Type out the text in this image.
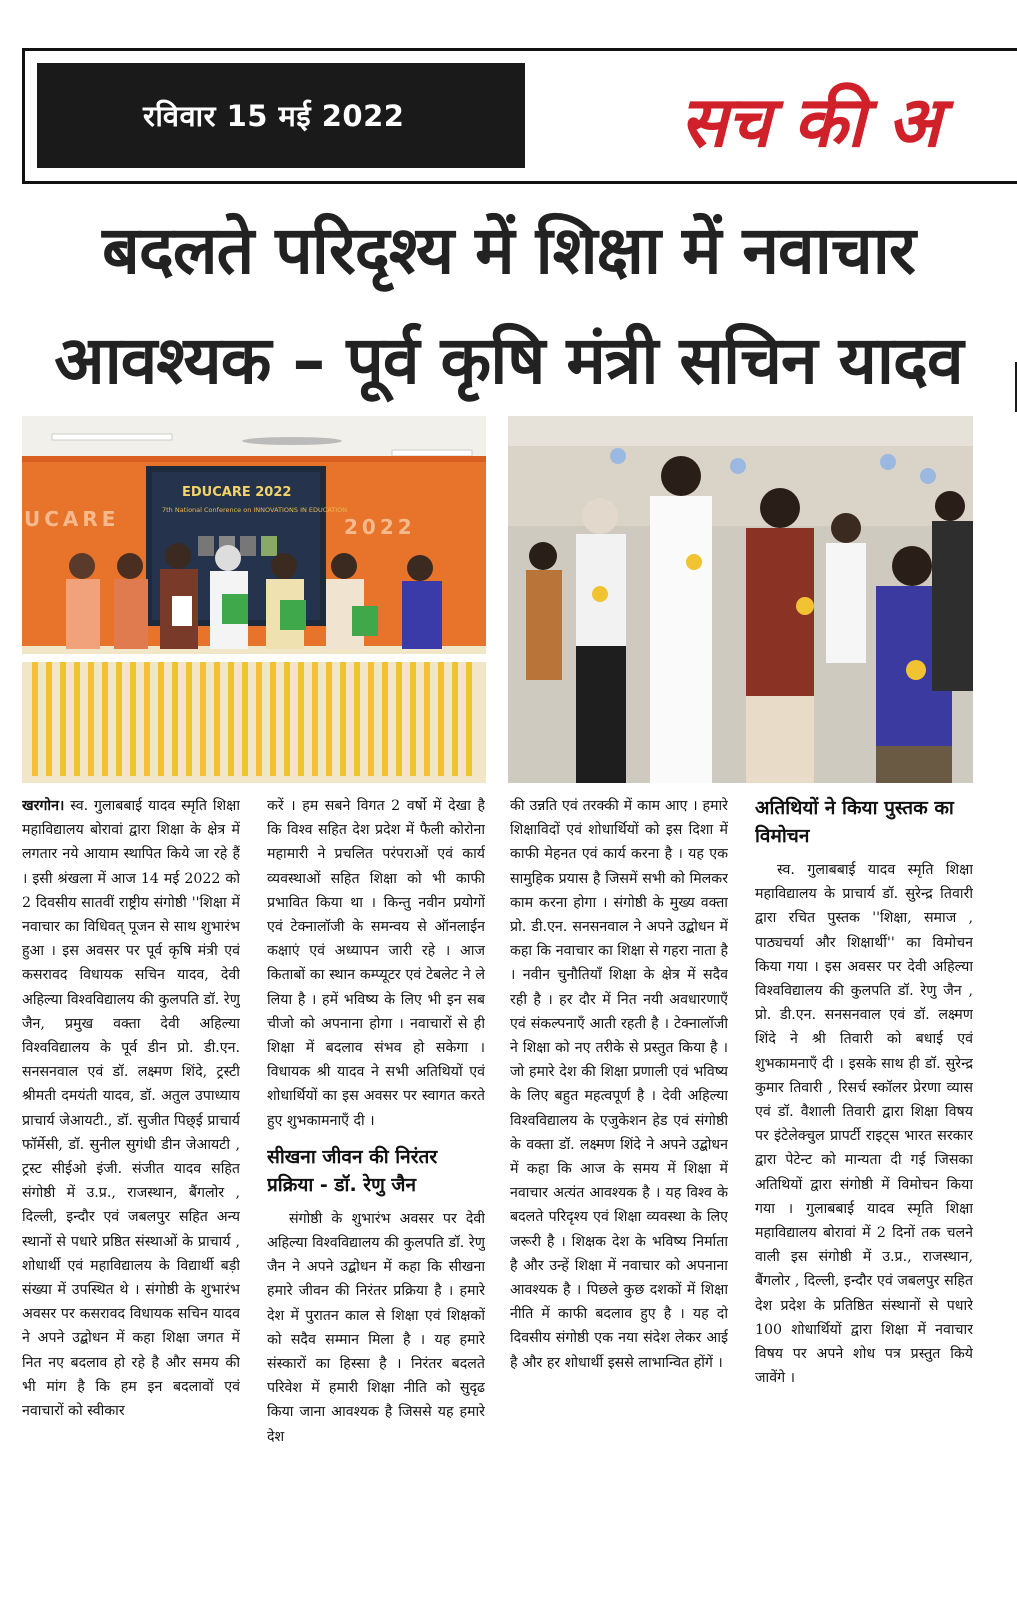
रविवार 15 मई 2022	सच की अ
बदलते परिदृश्य में शिक्षा में नवाचार
आवश्यक – पूर्व कृषि मंत्री सचिन यादव
UCARE	2022
EDUCARE 2022
7th National Conference on INNOVATIONS IN EDUCATION

खरगोन। स्व. गुलाबबाई यादव स्मृति शिक्षा महाविद्यालय बोरावां द्वारा शिक्षा के क्षेत्र में लगतार नये आयाम स्थापित किये जा रहे हैं । इसी श्रंखला में आज 14 मई 2022 को 2 दिवसीय सातवीं राष्ट्रीय संगोष्ठी ''शिक्षा में नवाचार का विधिवत् पूजन से साथ शुभारंभ हुआ । इस अवसर पर पूर्व कृषि मंत्री एवं कसरावद विधायक सचिन यादव, देवी अहिल्या विश्वविद्यालय की कुलपति डॉ. रेणु जैन, प्रमुख वक्ता देवी अहिल्या विश्वविद्यालय के पूर्व डीन प्रो. डी.एन. सनसनवाल एवं डॉ. लक्ष्मण शिंदे, ट्रस्टी श्रीमती दमयंती यादव, डॉ. अतुल उपाध्याय प्राचार्य जेआयटी., डॉ. सुजीत पिछ्ई प्राचार्य फॉर्मेसी, डॉ. सुनील सुगंधी डीन जेआयटी , ट्रस्ट सीईओ इंजी. संजीत यादव सहित संगोष्ठी में उ.प्र., राजस्थान, बैंगलोर , दिल्ली, इन्दौर एवं जबलपुर सहित अन्य स्थानों से पधारे प्रष्ठित संस्थाओं के प्राचार्य , शोधार्थी एवं महाविद्यालय के विद्यार्थी बड़ी संख्या में उपस्थित थे । संगोष्ठी के शुभारंभ अवसर पर कसरावद विधायक सचिन यादव ने अपने उद्बोधन में कहा शिक्षा जगत में नित नए बदलाव हो रहे है और समय की भी मांग है कि हम इन बदलावों एवं नवाचारों को स्वीकार

करें । हम सबने विगत 2 वर्षो में देखा है कि विश्व सहित देश प्रदेश में फैली कोरोना महामारी ने प्रचलित परंपराओं एवं कार्य व्यवस्थाओं सहित शिक्षा को भी काफी प्रभावित किया था । किन्तु नवीन प्रयोगों एवं टेक्नालॉजी के समन्वय से ऑनलाईन कक्षाएं एवं अध्यापन जारी रहे । आज किताबों का स्थान कम्प्यूटर एवं टेबलेट ने ले लिया है । हमें भविष्य के लिए भी इन सब चीजो को अपनाना होगा । नवाचारों से ही शिक्षा में बदलाव संभव हो सकेगा । विधायक श्री यादव ने सभी अतिथियों एवं शोधार्थियों का इस अवसर पर स्वागत करते हुए शुभकामनाएँ दी ।

सीखना जीवन की निरंतर प्रक्रिया - डॉ. रेणु जैन

संगोष्ठी के शुभारंभ अवसर पर देवी अहिल्या विश्वविद्यालय की कुलपति डॉ. रेणु जैन ने अपने उद्बोधन में कहा कि सीखना हमारे जीवन की निरंतर प्रक्रिया है । हमारे देश में पुरातन काल से शिक्षा एवं शिक्षकों को सदैव सम्मान मिला है । यह हमारे संस्कारों का हिस्सा है । निरंतर बदलते परिवेश में हमारी शिक्षा नीति को सुदृढ किया जाना आवश्यक है जिससे यह हमारे देश

की उन्नति एवं तरक्की में काम आए । हमारे शिक्षाविदों एवं शोधार्थियों को इस दिशा में काफी मेहनत एवं कार्य करना है । यह एक सामुहिक प्रयास है जिसमें सभी को मिलकर काम करना होगा । संगोष्ठी के मुख्य वक्ता प्रो. डी.एन. सनसनवाल ने अपने उद्बोधन में कहा कि नवाचार का शिक्षा से गहरा नाता है । नवीन चुनौतियाँ शिक्षा के क्षेत्र में सदैव रही है । हर दौर में नित नयी अवधारणाएँ एवं संकल्पनाएँ आती रहती है । टेक्नालॉजी ने शिक्षा को नए तरीके से प्रस्तुत किया है । जो हमारे देश की शिक्षा प्रणाली एवं भविष्य के लिए बहुत महत्वपूर्ण है । देवी अहिल्या विश्वविद्यालय के एजुकेशन हेड एवं संगोष्ठी के वक्ता डॉ. लक्ष्मण शिंदे ने अपने उद्बोधन में कहा कि आज के समय में शिक्षा में नवाचार अत्यंत आवश्यक है । यह विश्व के बदलते परिदृश्य एवं शिक्षा व्यवस्था के लिए जरूरी है । शिक्षक देश के भविष्य निर्माता है और उन्हें शिक्षा में नवाचार को अपनाना आवश्यक है । पिछले कुछ दशकों में शिक्षा नीति में काफी बदलाव हुए है । यह दो दिवसीय संगोष्ठी एक नया संदेश लेकर आई है और हर शोधार्थी इससे लाभान्वित होंगें ।

अतिथियों ने किया पुस्तक का विमोचन

स्व. गुलाबबाई यादव स्मृति शिक्षा महाविद्यालय के प्राचार्य डॉ. सुरेन्द्र तिवारी द्वारा रचित पुस्तक ''शिक्षा, समाज , पाठ्यचर्या और शिक्षार्थी'' का विमोचन किया गया । इस अवसर पर देवी अहिल्या विश्वविद्यालय की कुलपति डॉ. रेणु जैन , प्रो. डी.एन. सनसनवाल एवं डॉ. लक्ष्मण शिंदे ने श्री तिवारी को बधाई एवं शुभकामनाएँ दी । इसके साथ ही डॉ. सुरेन्द्र कुमार तिवारी , रिसर्च स्कॉलर प्रेरणा व्यास एवं डॉ. वैशाली तिवारी द्वारा शिक्षा विषय पर इंटेलेक्चुल प्रापर्टी राइट्स भारत सरकार द्वारा पेटेन्ट को मान्यता दी गई जिसका अतिथियों द्वारा संगोष्ठी में विमोचन किया गया । गुलाबबाई यादव स्मृति शिक्षा महाविद्यालय बोरावां में 2 दिनों तक चलने वाली इस संगोष्ठी में उ.प्र., राजस्थान, बैंगलोर , दिल्ली, इन्दौर एवं जबलपुर सहित देश प्रदेश के प्रतिष्ठित संस्थानों से पधारे 100 शोधार्थियों द्वारा शिक्षा में नवाचार विषय पर अपने शोध पत्र प्रस्तुत किये जावेंगे ।
